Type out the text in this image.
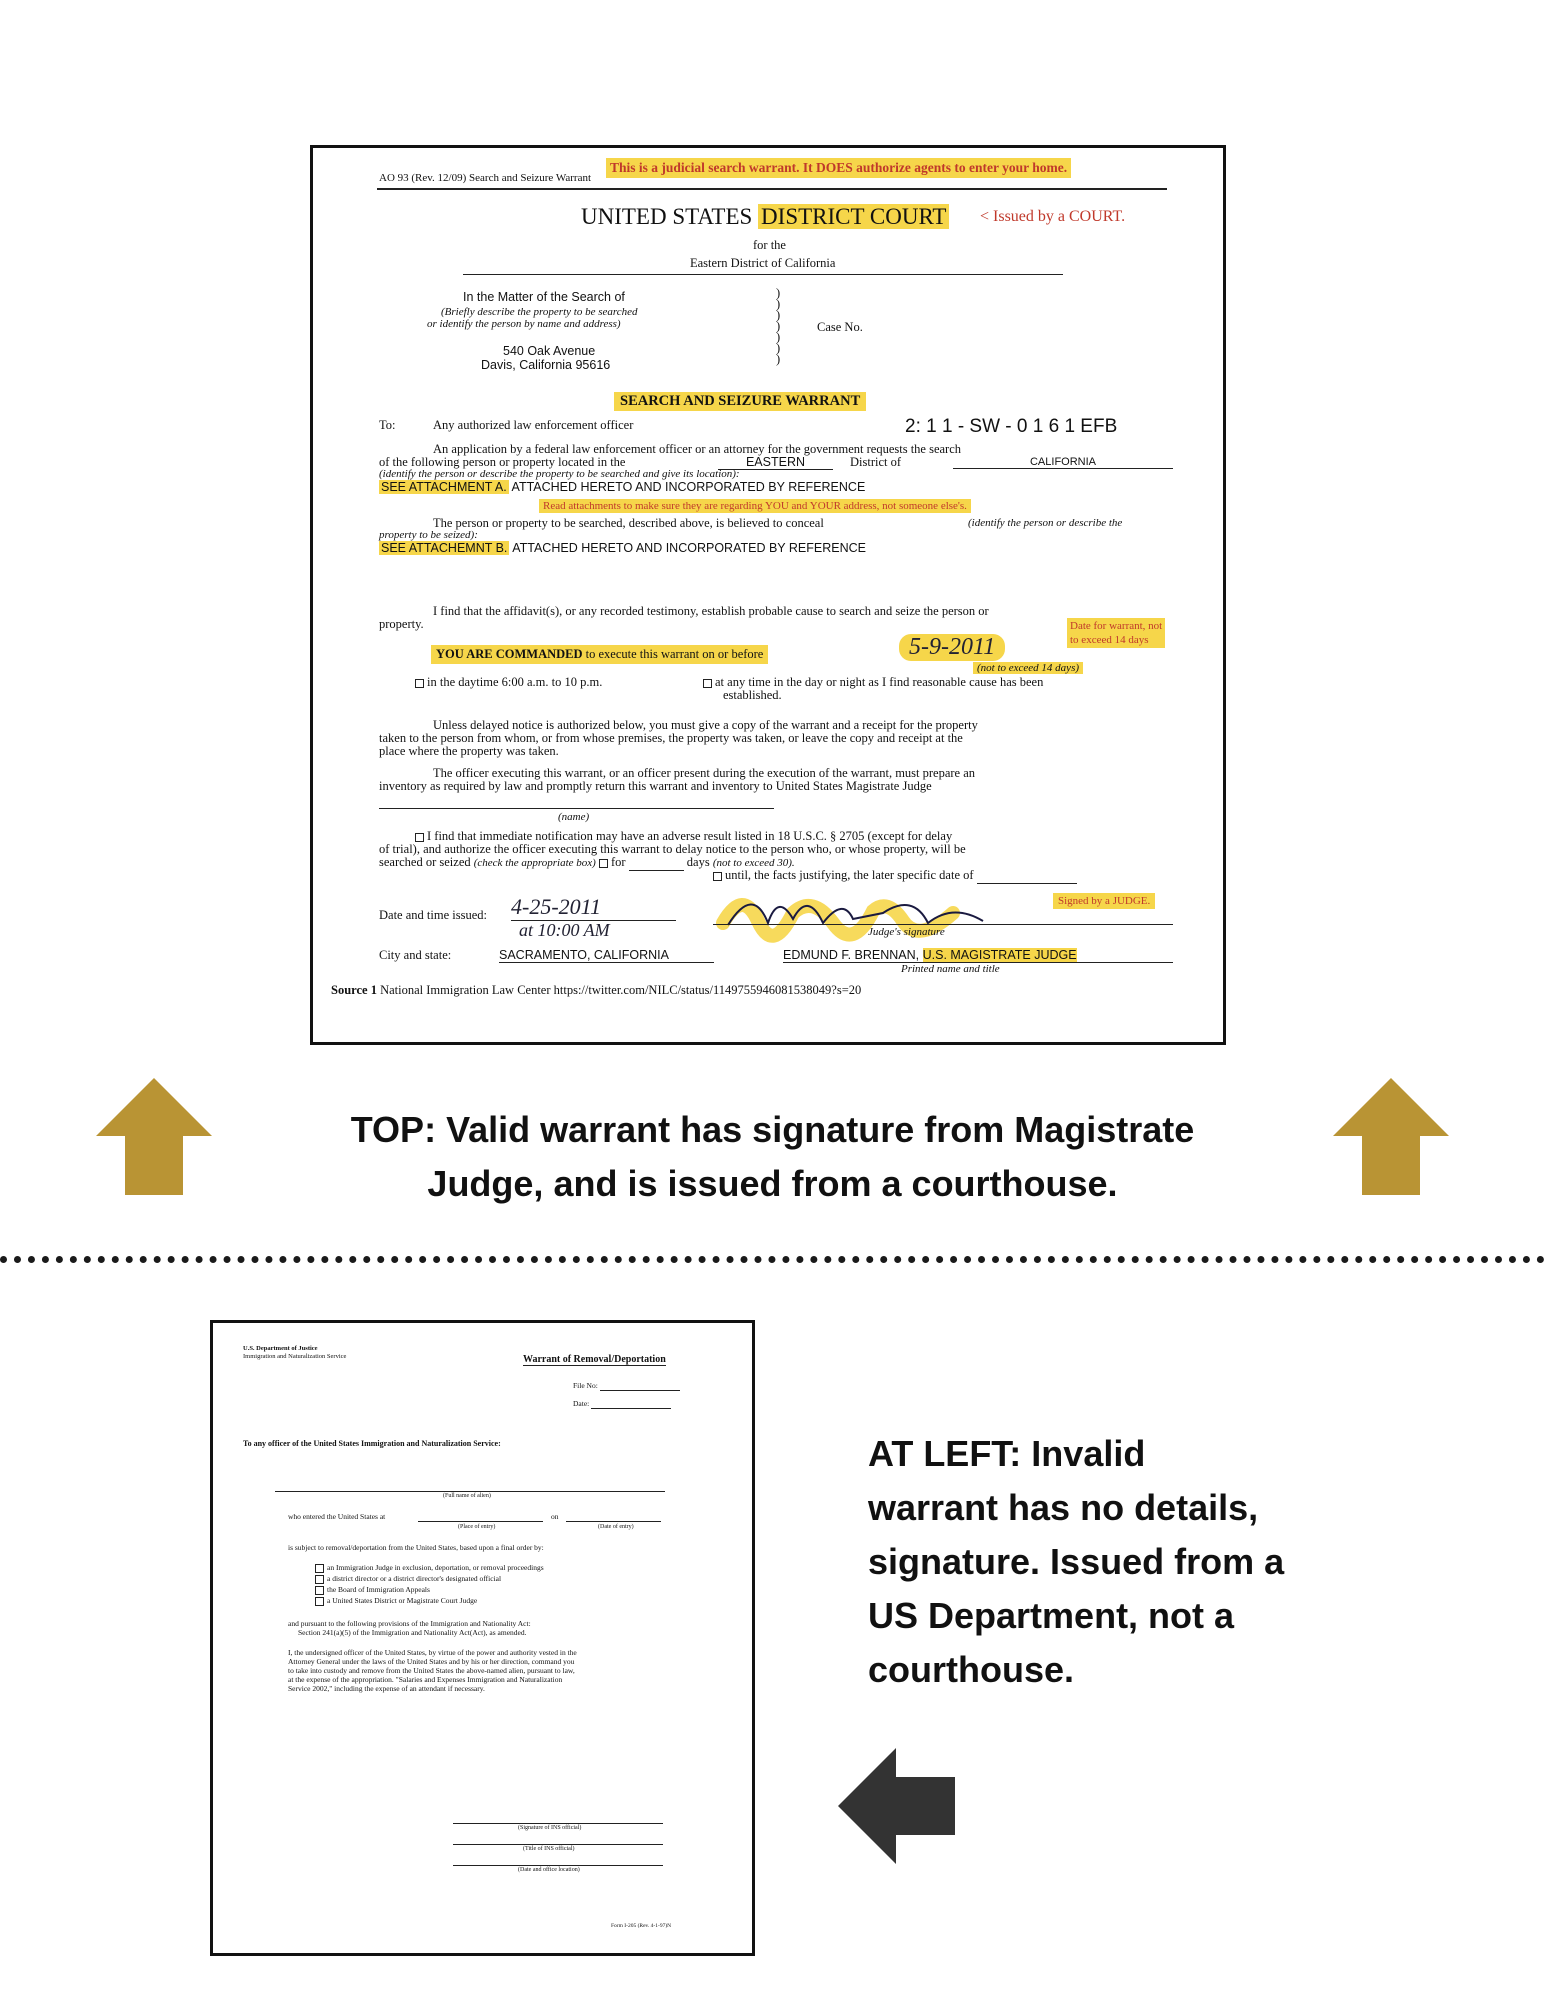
AO 93 (Rev. 12/09) Search and Seizure Warrant
This is a judicial search warrant. It DOES authorize agents to enter your home.
UNITED STATES DISTRICT COURT < Issued by a COURT.
for the
Eastern District of California
In the Matter of the Search of
(Briefly describe the property to be searched
or identify the person by name and address)
540 Oak Avenue
Davis, California 95616
)
)
)
)
)
)
)
Case No.
SEARCH AND SEIZURE WARRANT
To:	Any authorized law enforcement officer	2: 1 1 - SW - 0 1 6 1 EFB
An application by a federal law enforcement officer or an attorney for the government requests the search
of the following person or property located in the	EASTERN	District of	CALIFORNIA
(identify the person or describe the property to be searched and give its location):
SEE ATTACHMENT A. ATTACHED HERETO AND INCORPORATED BY REFERENCE
Read attachments to make sure they are regarding YOU and YOUR address, not someone else's.
The person or property to be searched, described above, is believed to conceal	(identify the person or describe the
property to be seized):
SEE ATTACHEMNT B. ATTACHED HERETO AND INCORPORATED BY REFERENCE
I find that the affidavit(s), or any recorded testimony, establish probable cause to search and seize the person or
property.	Date for warrant, not
to exceed 14 days
YOU ARE COMMANDED to execute this warrant on or before	5-9-2011
(not to exceed 14 days)
in the daytime 6:00 a.m. to 10 p.m.	at any time in the day or night as I find reasonable cause has been
established.
Unless delayed notice is authorized below, you must give a copy of the warrant and a receipt for the property
taken to the person from whom, or from whose premises, the property was taken, or leave the copy and receipt at the
place where the property was taken.
The officer executing this warrant, or an officer present during the execution of the warrant, must prepare an
inventory as required by law and promptly return this warrant and inventory to United States Magistrate Judge
(name)
I find that immediate notification may have an adverse result listed in 18 U.S.C. § 2705 (except for delay
of trial), and authorize the officer executing this warrant to delay notice to the person who, or whose property, will be
searched or seized (check the appropriate box) for	days (not to exceed 30).
until, the facts justifying, the later specific date of
Signed by a JUDGE.
Date and time issued: 4-25-2011
at 10:00 AM	Judge's signature
City and state:	SACRAMENTO, CALIFORNIA	EDMUND F. BRENNAN, U.S. MAGISTRATE JUDGE
Printed name and title
Source 1 National Immigration Law Center https://twitter.com/NILC/status/1149755946081538049?s=20
TOP: Valid warrant has signature from Magistrate
Judge, and is issued from a courthouse.
U.S. Department of Justice
Immigration and Naturalization Service	Warrant of Removal/Deportation
File No:
Date:
To any officer of the United States Immigration and Naturalization Service:
(Full name of alien)
who entered the United States at	on
(Place of entry)	(Date of entry)
is subject to removal/deportation from the United States, based upon a final order by:
an Immigration Judge in exclusion, deportation, or removal proceedings
a district director or a district director's designated official
the Board of Immigration Appeals
a United States District or Magistrate Court Judge
and pursuant to the following provisions of the Immigration and Nationality Act:
Section 241(a)(5) of the Immigration and Nationality Act(Act), as amended.
I, the undersigned officer of the United States, by virtue of the power and authority vested in the
Attorney General under the laws of the United States and by his or her direction, command you
to take into custody and remove from the United States the above-named alien, pursuant to law,
at the expense of the appropriation. "Salaries and Expenses Immigration and Naturalization
Service 2002," including the expense of an attendant if necessary.
(Signature of INS official)
(Title of INS official)
(Date and office location)
Form I-205 (Rev. 4-1-97)N
AT LEFT: Invalid
warrant has no details,
signature. Issued from a
US Department, not a
courthouse.
